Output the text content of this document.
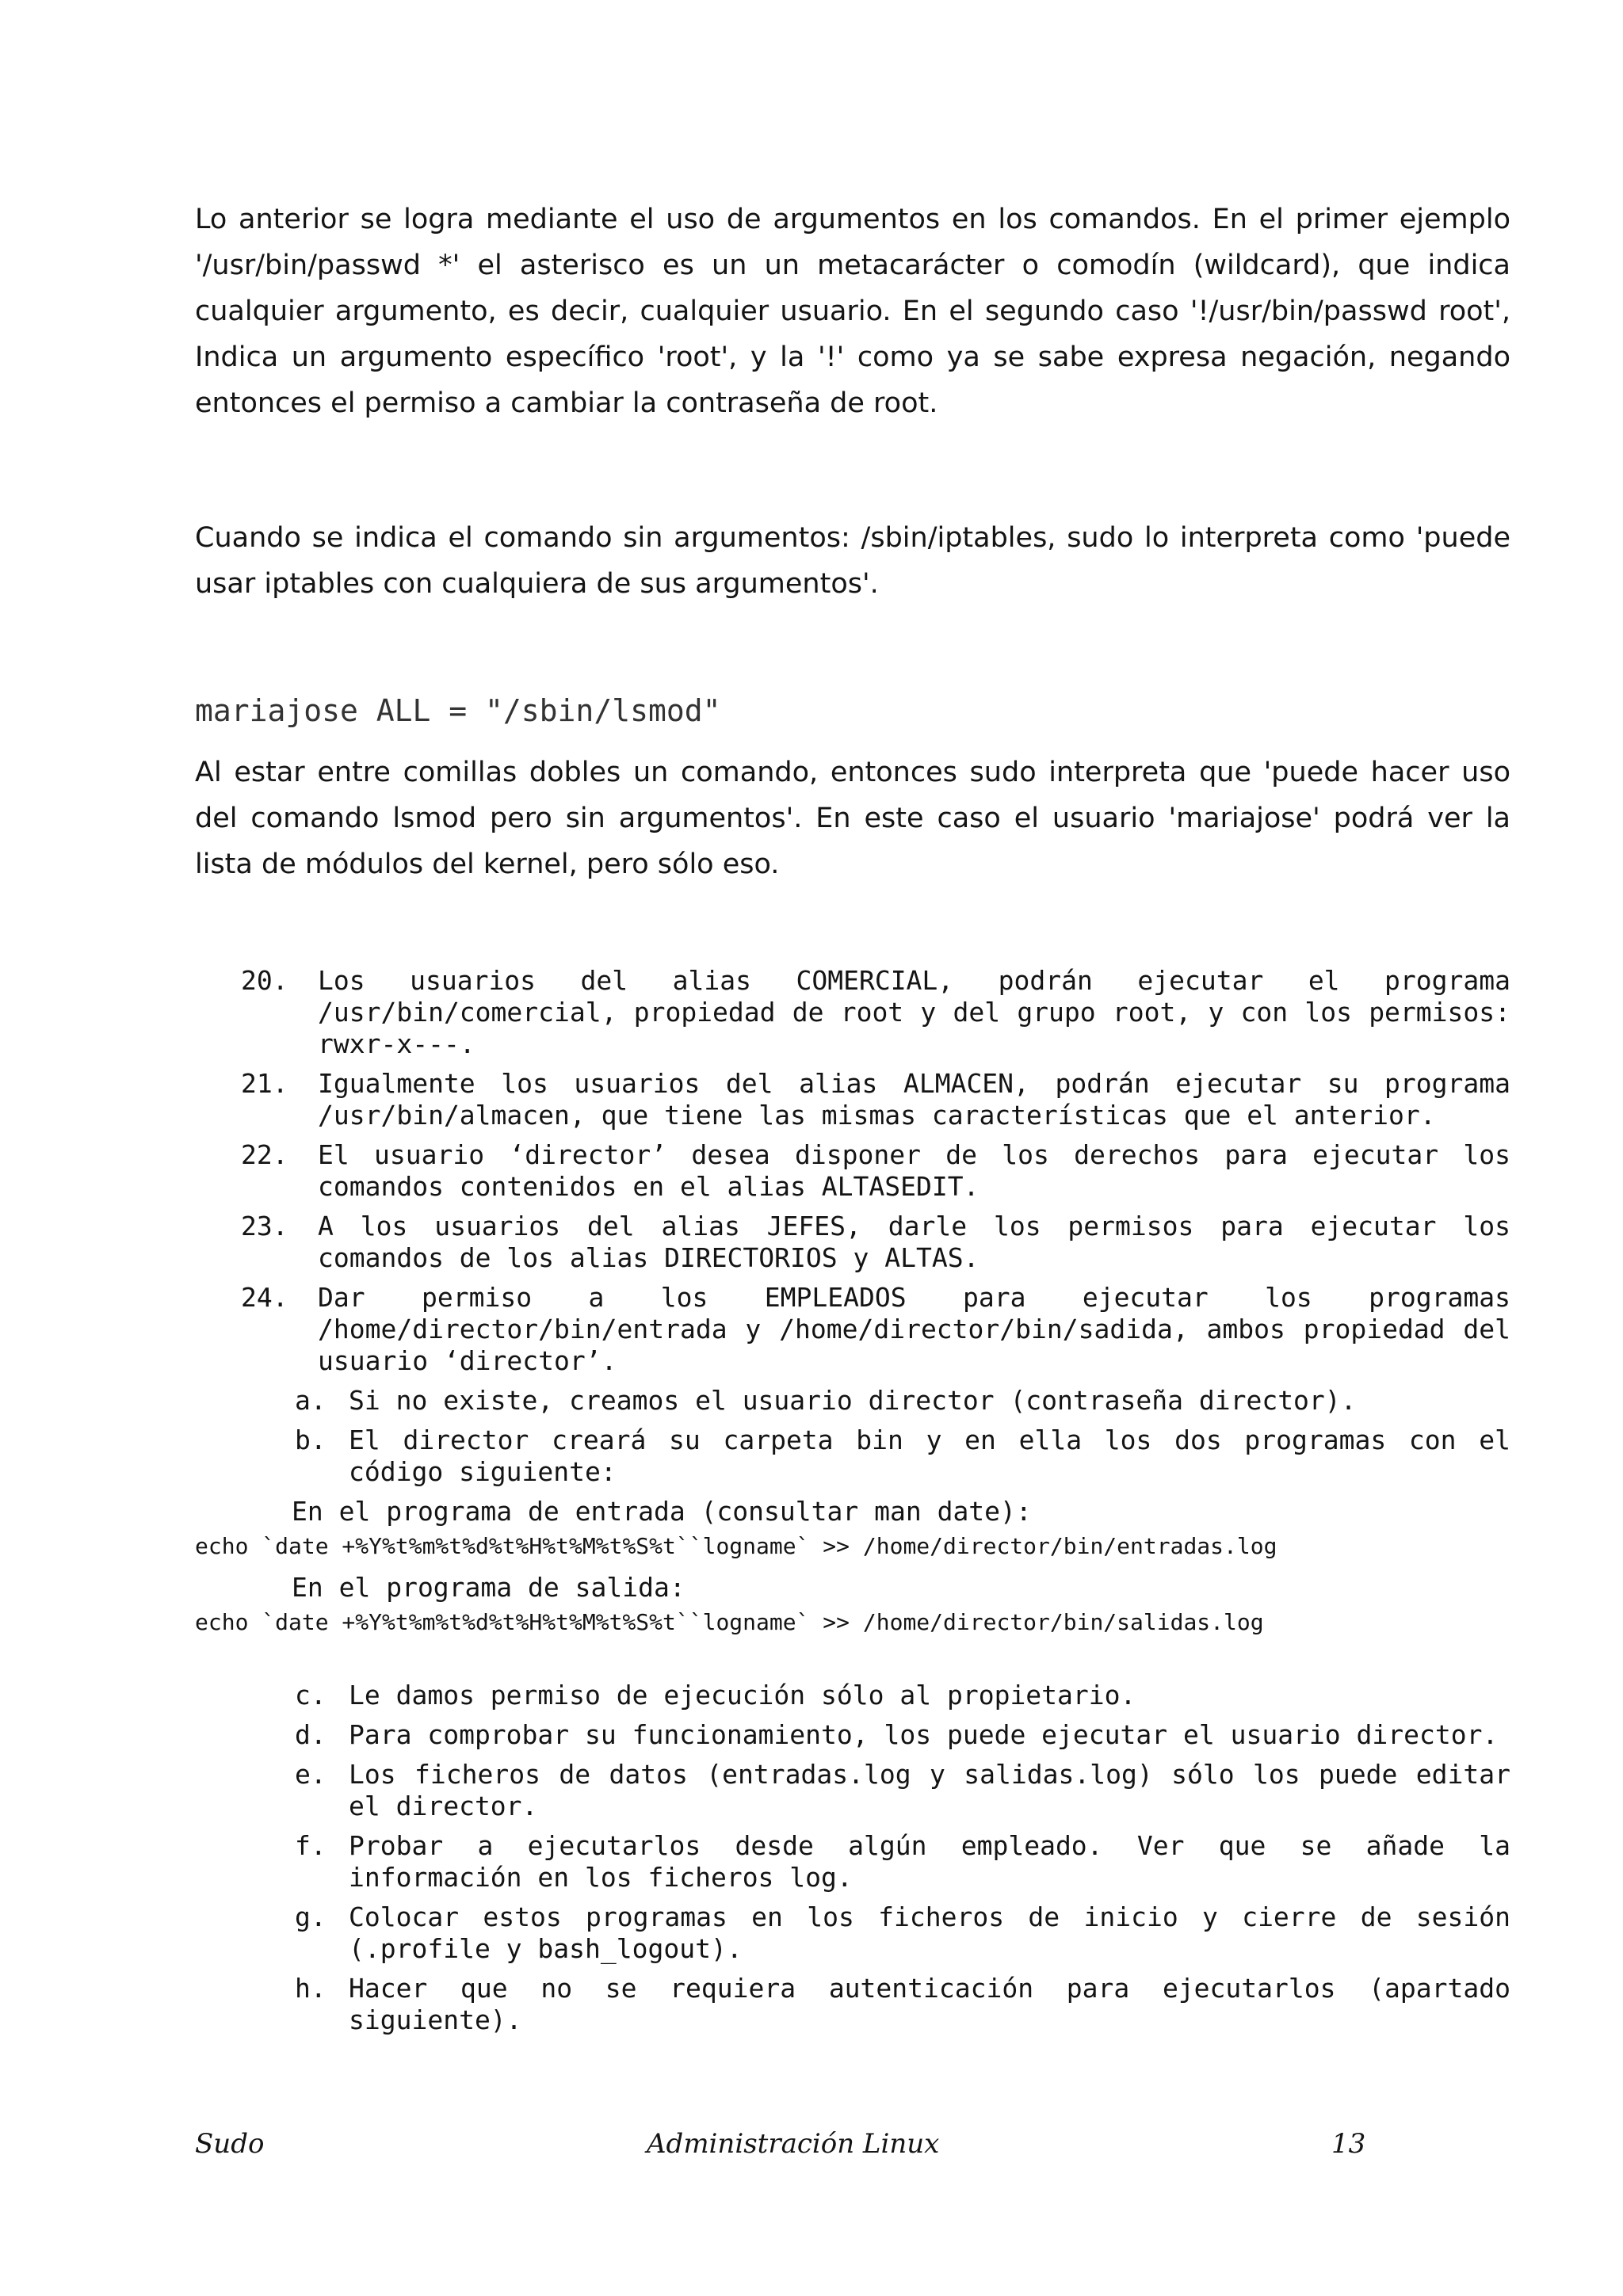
Lo anterior se logra mediante el uso de argumentos en los comandos. En el primer ejemplo '/usr/bin/passwd *' el asterisco es un un metacarácter o comodín (wildcard), que indica cualquier argumento, es decir, cualquier usuario. En el segundo caso '!/usr/bin/passwd root', Indica un argumento específico 'root', y la '!' como ya se sabe expresa negación, negando entonces el permiso a cambiar la contraseña de root.

Cuando se indica el comando sin argumentos: /sbin/iptables, sudo lo interpreta como 'puede usar iptables con cualquiera de sus argumentos'.

mariajose ALL = "/sbin/lsmod"

Al estar entre comillas dobles un comando, entonces sudo interpreta que 'puede hacer uso del comando lsmod pero sin argumentos'. En este caso el usuario 'mariajose' podrá ver la lista de módulos del kernel, pero sólo eso.

20. Los usuarios del alias COMERCIAL, podrán ejecutar el programa /usr/bin/comercial, propiedad de root y del grupo root, y con los permisos: rwxr-x---.
21. Igualmente los usuarios del alias ALMACEN, podrán ejecutar su programa /usr/bin/almacen, que tiene las mismas características que el anterior.
22. El usuario ‘director’ desea disponer de los derechos para ejecutar los comandos contenidos en el alias ALTASEDIT.
23. A los usuarios del alias JEFES, darle los permisos para ejecutar los comandos de los alias DIRECTORIOS y ALTAS.
24. Dar permiso a los EMPLEADOS para ejecutar los programas /home/director/bin/entrada y /home/director/bin/sadida, ambos propiedad del usuario ‘director’.
a. Si no existe, creamos el usuario director (contraseña director).
b. El director creará su carpeta bin y en ella los dos programas con el código siguiente:

En el programa de entrada (consultar man date):

echo `date +%Y%t%m%t%d%t%H%t%M%t%S%t``logname` >> /home/director/bin/entradas.log

En el programa de salida:

echo `date +%Y%t%m%t%d%t%H%t%M%t%S%t``logname` >> /home/director/bin/salidas.log

c. Le damos permiso de ejecución sólo al propietario.
d. Para comprobar su funcionamiento, los puede ejecutar el usuario director.
e. Los ficheros de datos (entradas.log y salidas.log) sólo los puede editar el director.
f. Probar a ejecutarlos desde algún empleado. Ver que se añade la información en los ficheros log.
g. Colocar estos programas en los ficheros de inicio y cierre de sesión (.profile y bash_logout).
h. Hacer que no se requiera autenticación para ejecutarlos (apartado siguiente).
Sudo	Administración Linux	13
